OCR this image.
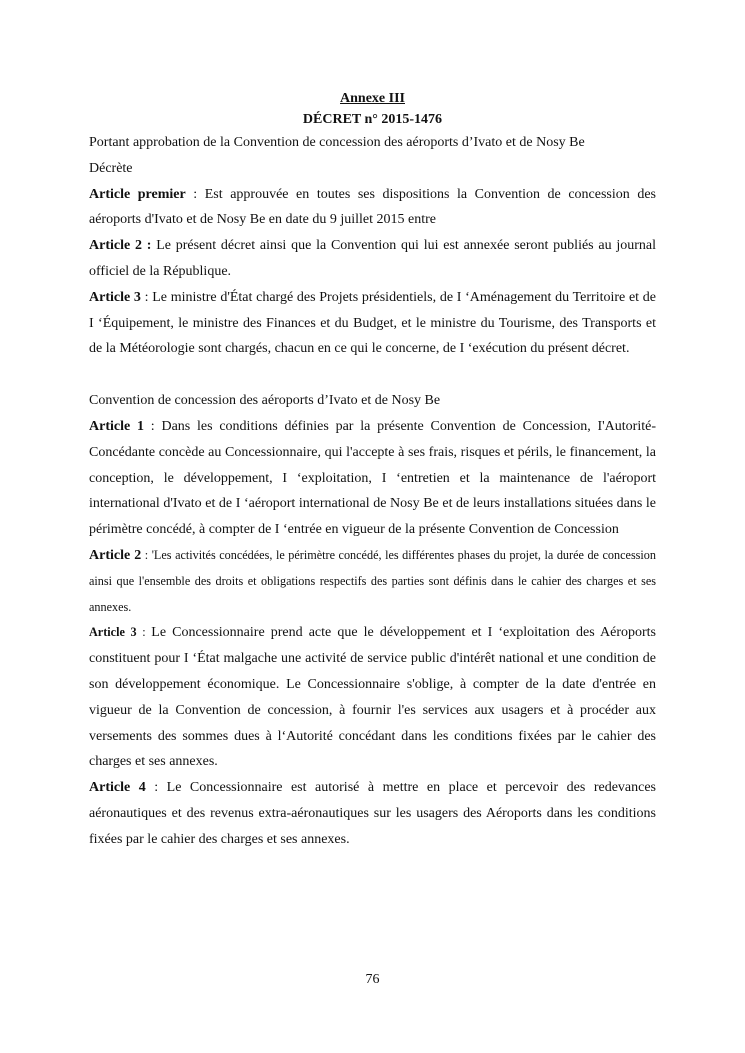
Annexe III
DÉCRET n° 2015-1476

Portant approbation de la Convention de concession des aéroports d’Ivato et de Nosy Be

Décrète

Article premier : Est approuvée en toutes ses dispositions la Convention de concession des aéroports d'Ivato et de Nosy Be en date du 9 juillet 2015 entre

Article 2 : Le présent décret ainsi que la Convention qui lui est annexée seront publiés au journal officiel de la République.

Article 3 : Le ministre d'État chargé des Projets présidentiels, de I ‘Aménagement du Territoire et de I ‘Équipement, le ministre des Finances et du Budget, et le ministre du Tourisme, des Transports et de la Météorologie sont chargés, chacun en ce qui le concerne, de I ‘exécution du présent décret.

Convention de concession des aéroports d’Ivato et de Nosy Be

Article 1 : Dans les conditions définies par la présente Convention de Concession, I'Autorité-Concédante concède au Concessionnaire, qui l'accepte à ses frais, risques et périls, le financement, la conception, le développement, I ‘exploitation, I ‘entretien et la maintenance de l'aéroport international d'Ivato et de I ‘aéroport international de Nosy Be et de leurs installations situées dans le périmètre concédé, à compter de I ‘entrée en vigueur de la présente Convention de Concession

Article 2 : 'Les activités concédées, le périmètre concédé, les différentes phases du projet, la durée de concession ainsi que l'ensemble des droits et obligations respectifs des parties sont définis dans le cahier des charges et ses annexes.

Article 3 : Le Concessionnaire prend acte que le développement et I ‘exploitation des Aéroports constituent pour I ‘État malgache une activité de service public d'intérêt national et une condition de son développement économique. Le Concessionnaire s'oblige, à compter de la date d'entrée en vigueur de la Convention de concession, à fournir l'es services aux usagers et à procéder aux versements des sommes dues à l‘Autorité concédant dans les conditions fixées par le cahier des charges et ses annexes.

Article 4 : Le Concessionnaire est autorisé à mettre en place et percevoir des redevances aéronautiques et des revenus extra-aéronautiques sur les usagers des Aéroports dans les conditions fixées par le cahier des charges et ses annexes.

76
